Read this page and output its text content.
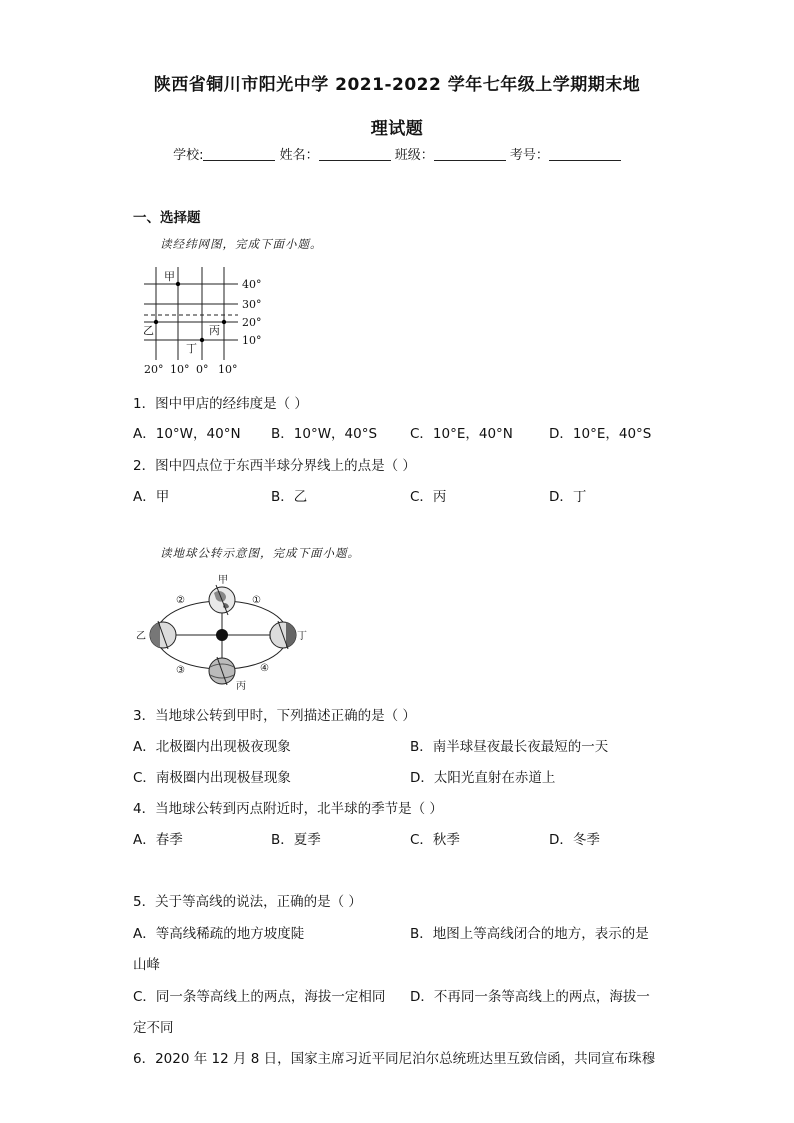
陕西省铜川市阳光中学 2021-2022 学年七年级上学期期末地
理试题
学校:	姓名：	班级：	考号：
一、选择题
读经纬网图，完成下面小题。
甲
乙	丙
丁
40°
30°
20°
10°
20° 10° 0° 10°
1．图中甲店的经纬度是（ ）
A．10°W，40°N B．10°W，40°S C．10°E，40°N	D．10°E，40°S
2．图中四点位于东西半球分界线上的点是（ ）
A．甲	B．乙	C．丙	D．丁
读地球公转示意图，完成下面小题。
甲
乙	丁
丙
①
②
③	④
3．当地球公转到甲时，下列描述正确的是（ ）
A．北极圈内出现极夜现象	B．南半球昼夜最长夜最短的一天
C．南极圈内出现极昼现象	D．太阳光直射在赤道上
4．当地球公转到丙点附近时，北半球的季节是（ ）
A．春季	B．夏季	C．秋季	D．冬季
5．关于等高线的说法，正确的是（ ）
A．等高线稀疏的地方坡度陡	B．地图上等高线闭合的地方，表示的是
山峰
C．同一条等高线上的两点，海拔一定相同 D．不再同一条等高线上的两点，海拔一
定不同
6．2020 年 12 月 8 日，国家主席习近平同尼泊尔总统班达里互致信函，共同宣布珠穆
